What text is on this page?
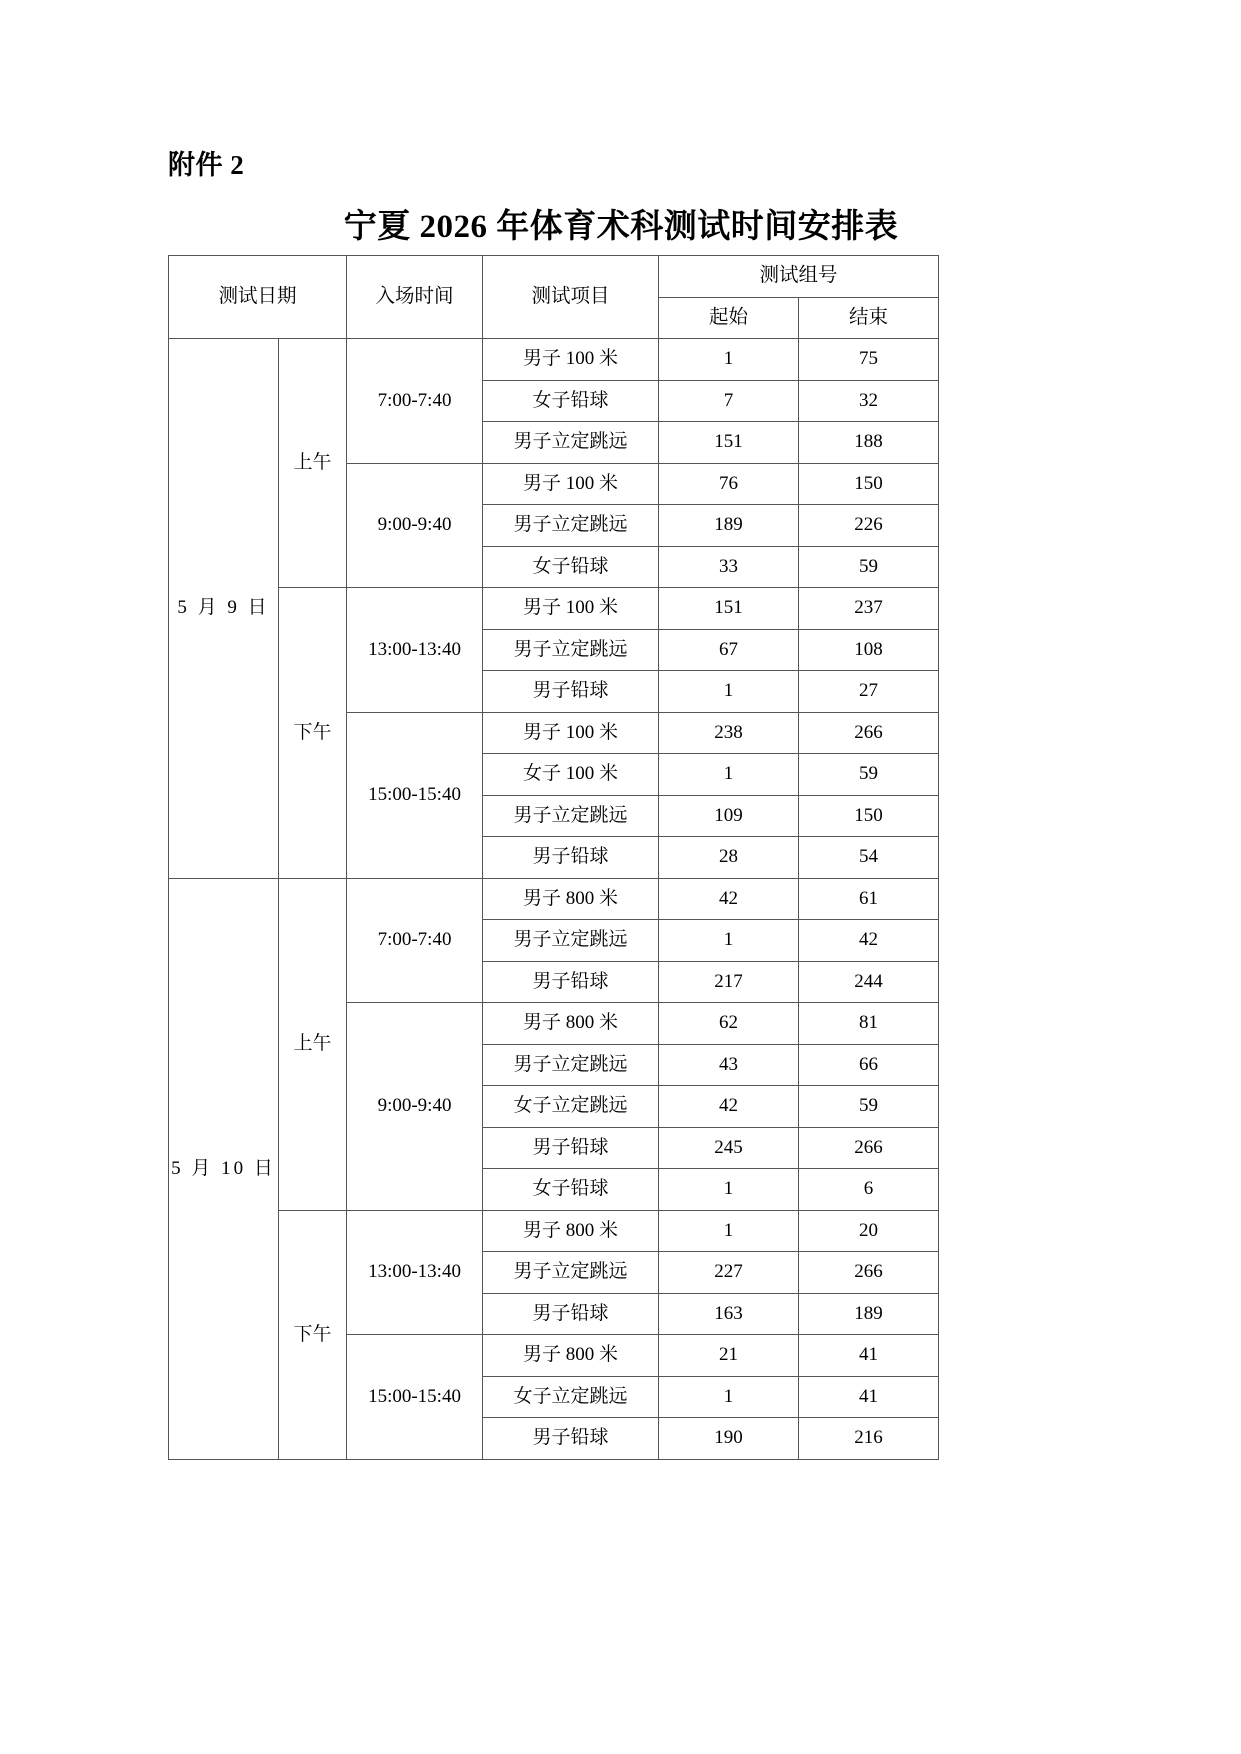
附件 2
宁夏 2026 年体育术科测试时间安排表
测试日期		入场时间	测试项目	测试组号	
				起始	结束
5 月 9 日	上午	7:00-7:40	男子 100 米	1	75
			女子铅球	7	32
			男子立定跳远	151	188
		9:00-9:40	男子 100 米	76	150
			男子立定跳远	189	226
			女子铅球	33	59
	下午	13:00-13:40	男子 100 米	151	237
			男子立定跳远	67	108
			男子铅球	1	27
		15:00-15:40	男子 100 米	238	266
			女子 100 米	1	59
			男子立定跳远	109	150
			男子铅球	28	54
5 月 10 日	上午	7:00-7:40	男子 800 米	42	61
			男子立定跳远	1	42
			男子铅球	217	244
		9:00-9:40	男子 800 米	62	81
			男子立定跳远	43	66
			女子立定跳远	42	59
			男子铅球	245	266
			女子铅球	1	6
	下午	13:00-13:40	男子 800 米	1	20
			男子立定跳远	227	266
			男子铅球	163	189
		15:00-15:40	男子 800 米	21	41
			女子立定跳远	1	41
			男子铅球	190	216
